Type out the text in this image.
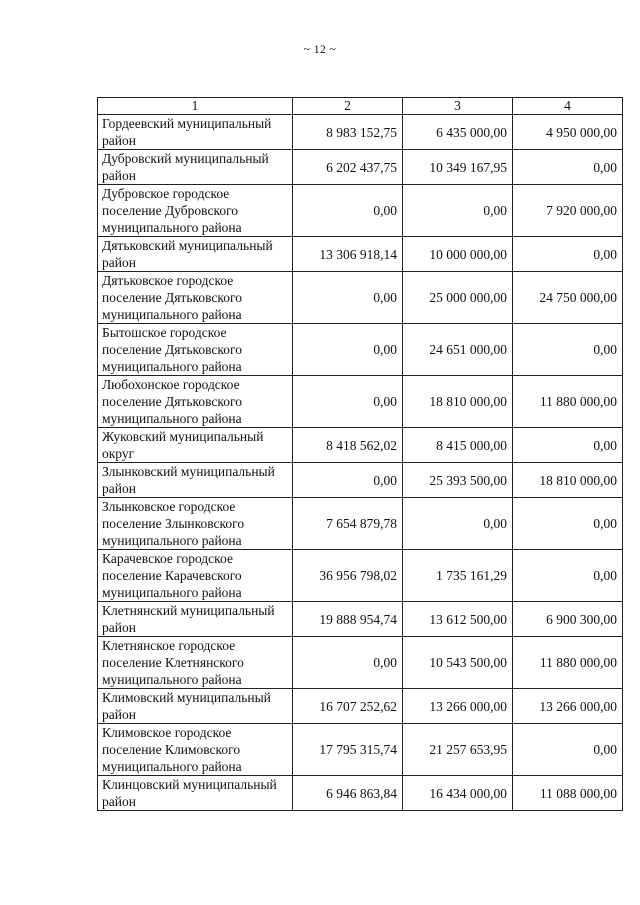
~ 12 ~
1	2	3	4
Гордеевский муниципальный район	8 983 152,75	6 435 000,00	4 950 000,00
Дубровский муниципальный район	6 202 437,75	10 349 167,95	0,00
Дубровское городское поселение Дубровского муниципального района	0,00	0,00	7 920 000,00
Дятьковский муниципальный район	13 306 918,14	10 000 000,00	0,00
Дятьковское городское поселение Дятьковского муниципального района	0,00	25 000 000,00	24 750 000,00
Бытошское городское поселение Дятьковского муниципального района	0,00	24 651 000,00	0,00
Любохонское городское поселение Дятьковского муниципального района	0,00	18 810 000,00	11 880 000,00
Жуковский муниципальный округ	8 418 562,02	8 415 000,00	0,00
Злынковский муниципальный район	0,00	25 393 500,00	18 810 000,00
Злынковское городское поселение Злынковского муниципального района	7 654 879,78	0,00	0,00
Карачевское городское поселение Карачевского муниципального района	36 956 798,02	1 735 161,29	0,00
Клетнянский муниципальный район	19 888 954,74	13 612 500,00	6 900 300,00
Клетнянское городское поселение Клетнянского муниципального района	0,00	10 543 500,00	11 880 000,00
Климовский муниципальный район	16 707 252,62	13 266 000,00	13 266 000,00
Климовское городское поселение Климовского муниципального района	17 795 315,74	21 257 653,95	0,00
Клинцовский муниципальный район	6 946 863,84	16 434 000,00	11 088 000,00
